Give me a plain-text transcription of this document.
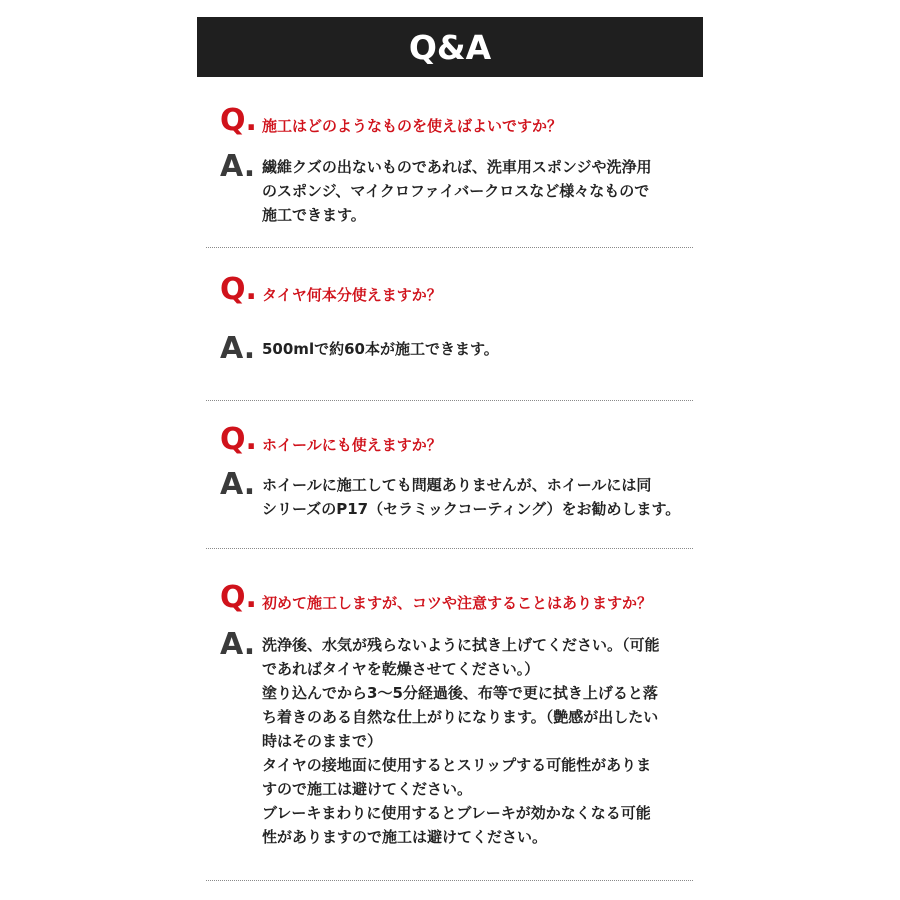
Q&A
Q. 施工はどのようなものを使えばよいですか？
A. 繊維クズの出ないものであれば、洗車用スポンジや洗浄用
のスポンジ、マイクロファイバークロスなど様々なもので
施工できます。
Q. タイヤ何本分使えますか？
A. 500mlで約60本が施工できます。
Q. ホイールにも使えますか？
A. ホイールに施工しても問題ありませんが、ホイールには同
シリーズのP17（セラミックコーティング）をお勧めします。
Q. 初めて施工しますが、コツや注意することはありますか？
A. 洗浄後、水気が残らないように拭き上げてください。（可能
であればタイヤを乾燥させてください。）
塗り込んでから3〜5分経過後、布等で更に拭き上げると落
ち着きのある自然な仕上がりになります。（艶感が出したい
時はそのままで）
タイヤの接地面に使用するとスリップする可能性がありま
すので施工は避けてください。
ブレーキまわりに使用するとブレーキが効かなくなる可能
性がありますので施工は避けてください。
